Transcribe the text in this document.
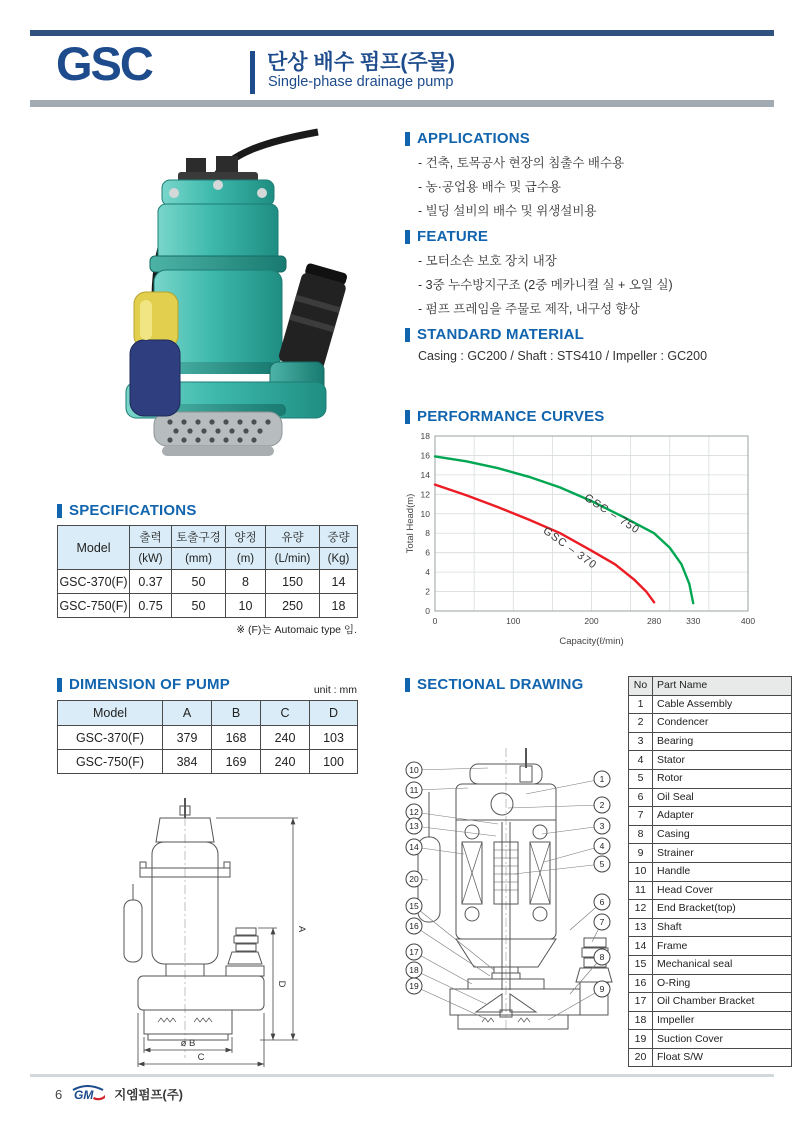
GSC	단상 배수 펌프(주물)
Single-phase drainage pump
APPLICATIONS
- 건축, 토목공사 현장의 침출수 배수용
- 농·공업용 배수 및 급수용
- 빌딩 설비의 배수 및 위생설비용
FEATURE
- 모터소손 보호 장치 내장
- 3중 누수방지구조 (2중 메카니컬 실 + 오일 실)
- 펌프 프레임을 주물로 제작, 내구성 향상
STANDARD MATERIAL
Casing : GC200 / Shaft : STS410 / Impeller : GC200
PERFORMANCE CURVES
0
2
4
6
8
10
12
14
16
18
0	100	200	280	330	400
Capacity(ℓ/min)
Total Head(m)	GSC – 750
GSC – 370
SPECIFICATIONS
Model	출력	토출구경	양정	유량	중량
	(kW)	(mm)	(m)	(L/min)	(Kg)
GSC-370(F)	0.37	50	8	150	14
GSC-750(F)	0.75	50	10	250	18
※ (F)는 Automaic type 임.
DIMENSION OF PUMP	unit : mm
Model	A	B	C	D
GSC-370(F)	379	168	240	103
GSC-750(F)	384	169	240	100
A
D
ø B
C
SECTIONAL DRAWING
1
2
3
4
5
6
7
8
9
10
11
12
13
14
20
15
16
17
18
19
No	Part Name
1	Cable Assembly
2	Condencer
3	Bearing
4	Stator
5	Rotor
6	Oil Seal
7	Adapter
8	Casing
9	Strainer
10	Handle
11	Head Cover
12	End Bracket(top)
13	Shaft
14	Frame
15	Mechanical seal
16	O-Ring
17	Oil Chamber Bracket
18	Impeller
19	Suction Cover
20	Float S/W
6 GM 지엠펌프(주)
